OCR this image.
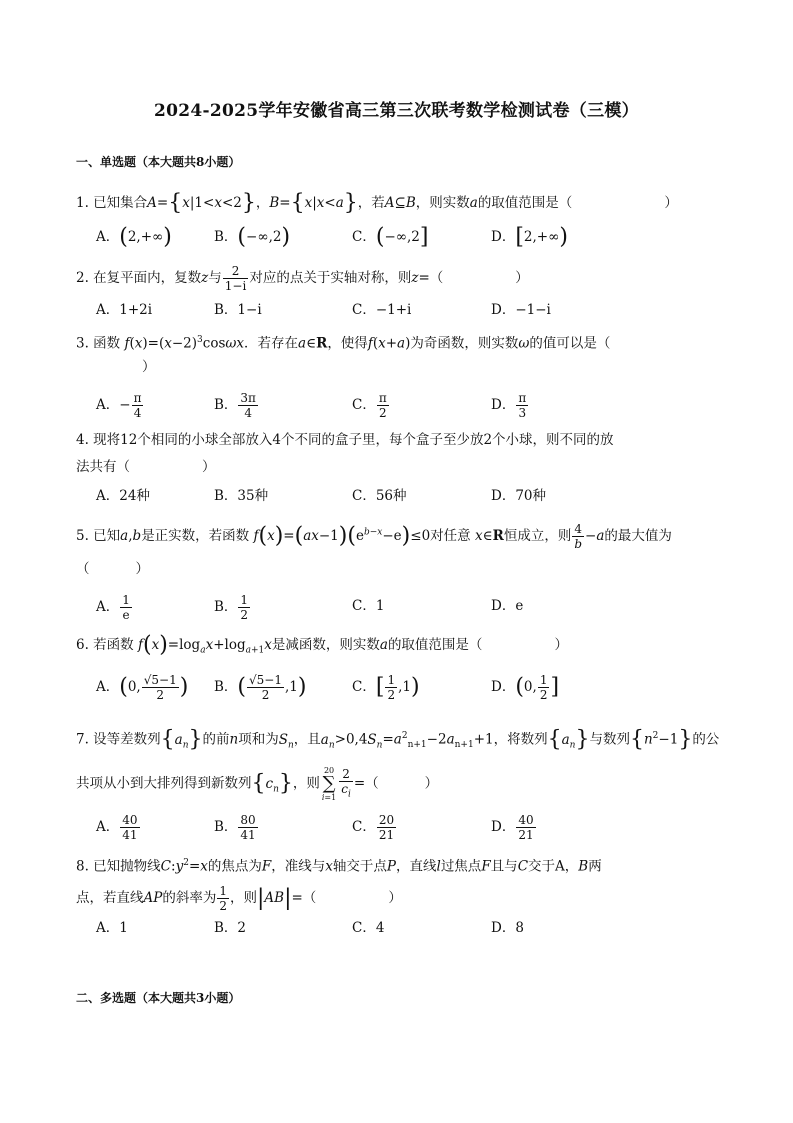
2024-2025学年安徽省高三第三次联考数学检测试卷（三模）
一、单选题（本大题共8小题）
1. 已知集合A={x|1<x<2}，B={x|x<a}，若A⊆B，则实数a的取值范围是（	）
A．(2,+∞)	B．(−∞,2)	C．(−∞,2]	D．[2,+∞)
2. 在复平面内，复数z与 $\frac{2}{1-i}$ 对应的点关于实轴对称，则z=（	）
A．1+2i	B．1−i	C．−1+i	D．−1−i
3. 函数 $f(x)=(x-2)^3\cos\omega x$．若存在a∈R，使得f(x+a)为奇函数，则实数ω的值可以是（
）
A．− $\frac{\pi}{4}$	B． $\frac{3\pi}{4}$	C． $\frac{\pi}{2}$	D． $\frac{\pi}{3}$
4. 现将12个相同的小球全部放入4个不同的盒子里，每个盒子至少放2个小球，则不同的放
法共有（	）
A．24种	B．35种	C．56种	D．70种
5. 已知a,b是正实数，若函数 $f(x)=(ax-1)(e^{b-x}-e)\le 0$对任意 x∈R恒成立，则 $\frac{4}{b} -a$的最大值为
（	）
A． $\frac{1}{e}$	B． $\frac{1}{2}$	C．1	D．e
6. 若函数 $f(x)=\log_ax+\log_{a+1}x$是减函数，则实数a的取值范围是（	）
A．(0, $\frac{√5-1}{2}$ ) B．( $\frac{√5-1}{2} ,1$)	C．[ $\frac{1}{2} ,1$)	D．(0, $\frac{1}{2}$ ]
7. 设等差数列$\{a_n\}$的前n项和为$S_n$，且$a_n>0,4S_n=a^2_{n+1}-2a_{n+1}+1$，将数列$\{a_n\}$与数列$\{n^2-1\}$的公
共项从小到大排列得到新数列$\{c_n\}$，则20
∑
$i=1 \frac{2}{c_i}$ =（	）
A． $\frac{40}{41}$	B． $\frac{80}{41}$	C． $\frac{20}{21}$	D． $\frac{40}{21}$
8. 已知抛物线$C:y^2=x$的焦点为F，准线与x轴交于点P，直线l过焦点F且与C交于A，B两
点，若直线AP的斜率为 $\frac{1}{2}$ ，则|AB|=（	）
A．1	B．2	C．4	D．8
二、多选题（本大题共3小题）
